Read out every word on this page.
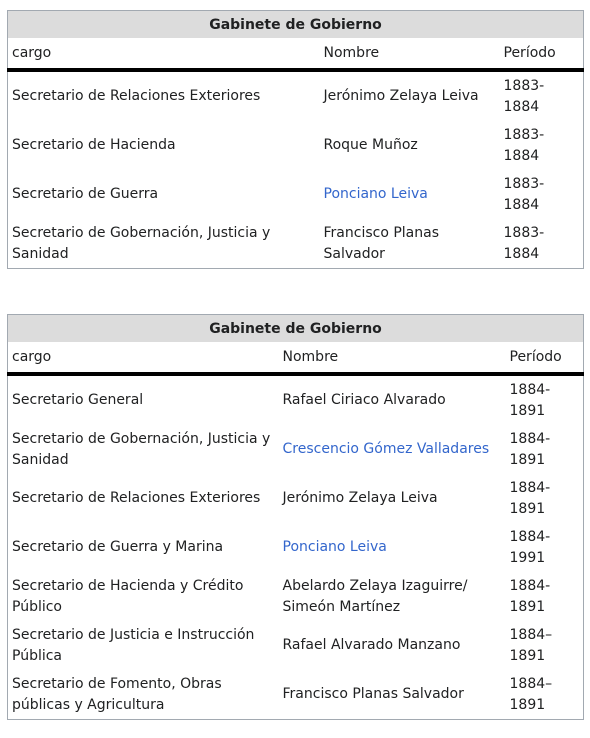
Gabinete de Gobierno		
cargo	Nombre	Período
Secretario de Relaciones Exteriores	Jerónimo Zelaya Leiva	1883-1884
Secretario de Hacienda	Roque Muñoz	1883-1884
Secretario de Guerra	Ponciano Leiva	1883-1884
Secretario de Gobernación, Justicia y Sanidad	Francisco Planas Salvador	1883-1884
Gabinete de Gobierno		
cargo	Nombre	Período
Secretario General	Rafael Ciriaco Alvarado	1884-1891
Secretario de Gobernación, Justicia y Sanidad	Crescencio Gómez Valladares	1884-1891
Secretario de Relaciones Exteriores	Jerónimo Zelaya Leiva	1884-1891
Secretario de Guerra y Marina	Ponciano Leiva	1884-1991
Secretario de Hacienda y Crédito Público	Abelardo Zelaya Izaguirre/ Simeón Martínez	1884-1891
Secretario de Justicia e Instrucción Pública	Rafael Alvarado Manzano	1884–1891
Secretario de Fomento, Obras públicas y Agricultura	Francisco Planas Salvador	1884–1891
